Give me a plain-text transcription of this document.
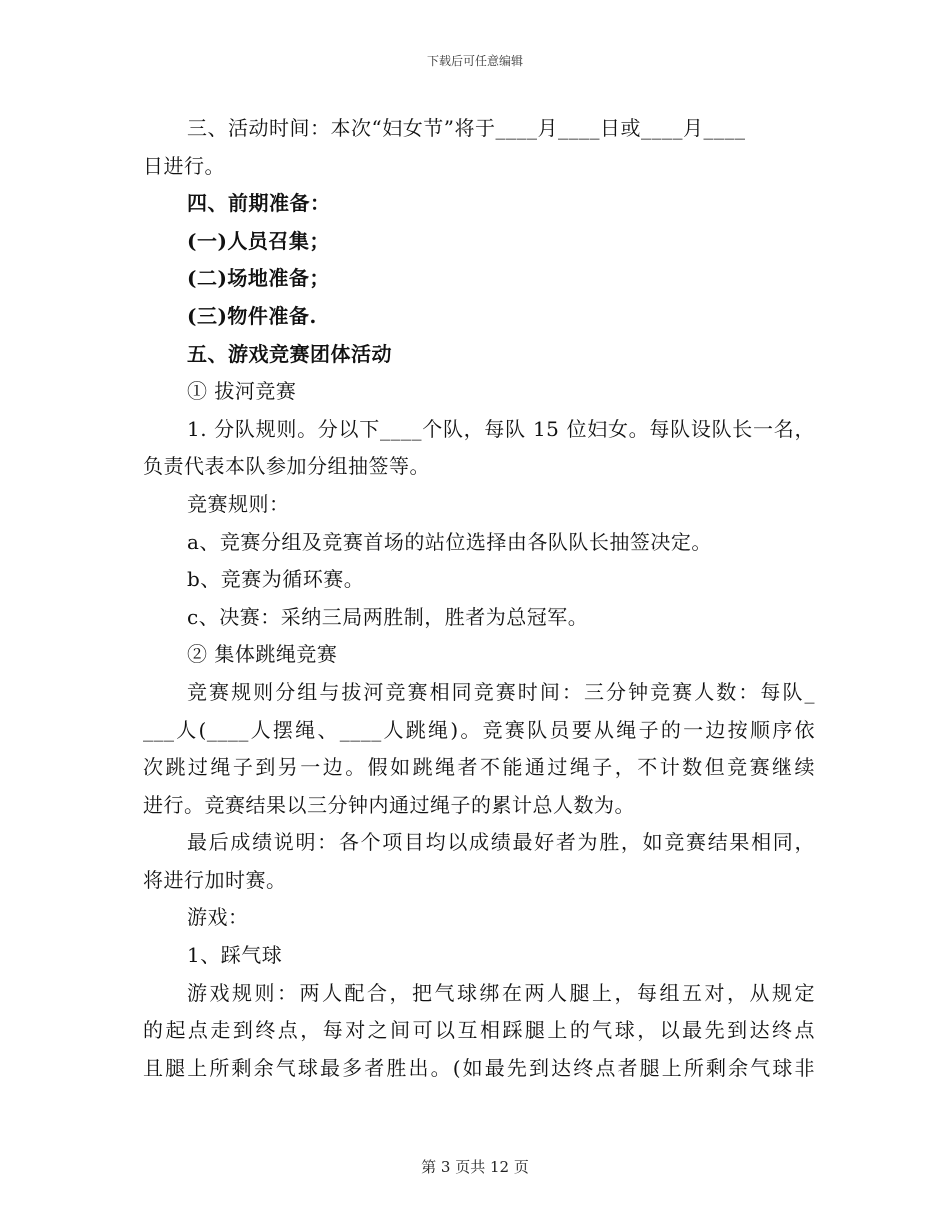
下载后可任意编辑
三、活动时间：本次“妇女节”将于____月____日或____月____
日进行。
四、前期准备：
(一)人员召集；
(二)场地准备；
(三)物件准备.
五、游戏竞赛团体活动
① 拔河竞赛
1. 分队规则。分以下____个队，每队 15 位妇女。每队设队长一名，
负责代表本队参加分组抽签等。
竞赛规则：
a、竞赛分组及竞赛首场的站位选择由各队队长抽签决定。
b、竞赛为循环赛。
c、决赛：采纳三局两胜制，胜者为总冠军。
② 集体跳绳竞赛
竞赛规则分组与拔河竞赛相同竞赛时间：三分钟竞赛人数：每队_
___人(____人摆绳、____人跳绳)。竞赛队员要从绳子的一边按顺序依
次跳过绳子到另一边。假如跳绳者不能通过绳子，不计数但竞赛继续
进行。竞赛结果以三分钟内通过绳子的累计总人数为。
最后成绩说明：各个项目均以成绩最好者为胜，如竞赛结果相同，
将进行加时赛。
游戏：
1、踩气球
游戏规则：两人配合，把气球绑在两人腿上，每组五对，从规定
的起点走到终点，每对之间可以互相踩腿上的气球，以最先到达终点
且腿上所剩余气球最多者胜出。(如最先到达终点者腿上所剩余气球非
第 3 页共 12 页
